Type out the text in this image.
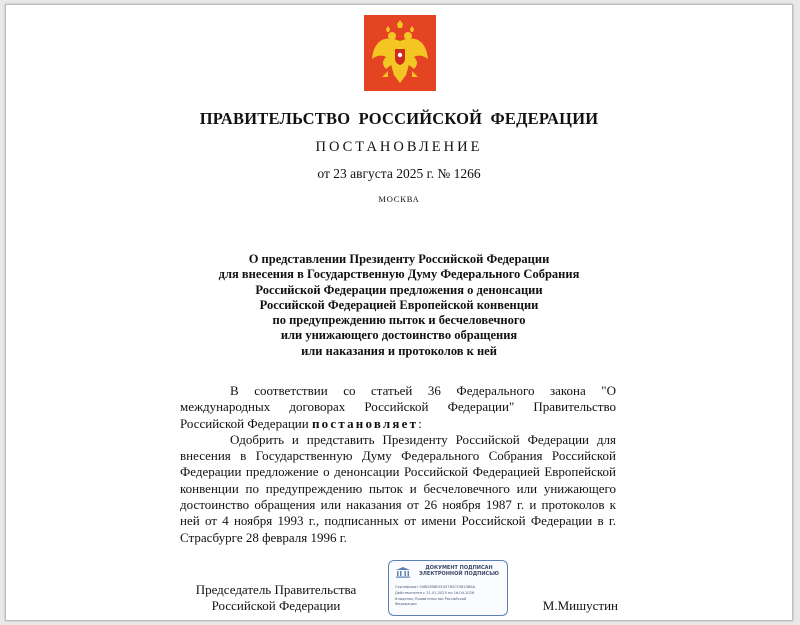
ПРАВИТЕЛЬСТВО РОССИЙСКОЙ ФЕДЕРАЦИИ
ПОСТАНОВЛЕНИЕ
от 23 августа 2025 г. № 1266
МОСКВА
О представлении Президенту Российской Федерации
для внесения в Государственную Думу Федерального Собрания
Российской Федерации предложения о денонсации
Российской Федерацией Европейской конвенции
по предупреждению пыток и бесчеловечного
или унижающего достоинство обращения
или наказания и протоколов к ней

В соответствии со статьей 36 Федерального закона "О международных договорах Российской Федерации" Правительство Российской Федерации постановляет:

Одобрить и представить Президенту Российской Федерации для внесения в Государственную Думу Федерального Собрания Российской Федерации предложение о денонсации Российской Федерацией Европейской конвенции по предупреждению пыток и бесчеловечного или унижающего достоинство обращения или наказания от 26 ноября 1987 г. и протоколов к ней от 4 ноября 1993 г., подписанных от имени Российской Федерации в г. Страсбурге 28 февраля 1996 г.

Председатель Правительства
Российской Федерации
ДОКУМЕНТ ПОДПИСАН
ЭЛЕКТРОННОЙ ПОДПИСЬЮ
Сертификат 008D5B6F0E45785CF0823B6A
Действителен с 21.01.2025 по 16.04.2026
Владелец Правительство Российской
Федерации	М.Мишустин
